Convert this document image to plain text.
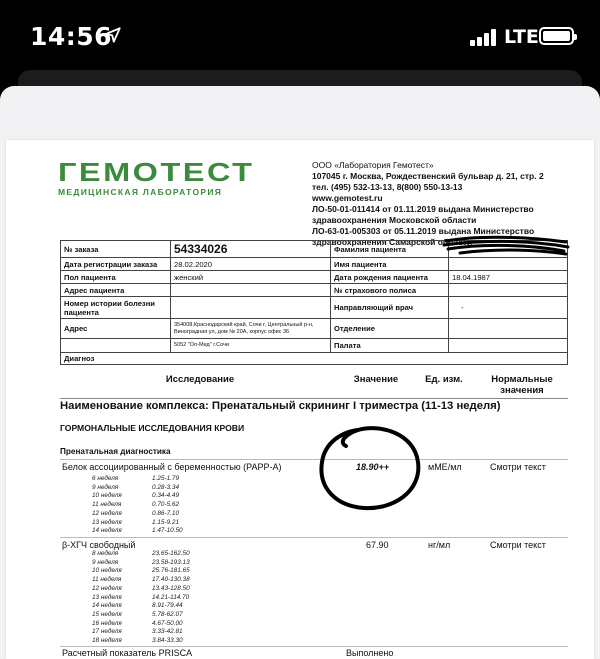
14:56	LTE
ГЕМОТЕСТ
МЕДИЦИНСКАЯ ЛАБОРАТОРИЯ
ООО «Лаборатория Гемотест»
107045 г. Москва, Рождественский бульвар д. 21, стр. 2
тел. (495) 532-13-13, 8(800) 550-13-13
www.gemotest.ru
ЛО-50-01-011414 от 01.11.2019 выдана Министерство
здравоохранения Московской области
ЛО-63-01-005303 от 05.11.2019 выдана Министерство
здравоохранения Самарской области
№ заказа	54334026	Фамилия пациента	
Дата регистрации заказа	28.02.2020	Имя пациента	
Пол пациента	женский	Дата рождения пациента	18.04.1987
Адрес пациента		№ страхового полиса	
Номер истории болезни пациента		Направляющий врач	-
Адрес	354008,Краснодарский край, Сочи г, Центральный р-н, Виноградная ул, дом № 20А, корпус офис 36	Отделение	
	5052 "Ол-Мед" г.Сочи	Палата	
Диагноз			
Исследование	Значение	Ед. изм.	Нормальные значения
Наименование комплекса: Пренатальный скрининг I триместра (11-13 неделя)
ГОРМОНАЛЬНЫЕ ИССЛЕДОВАНИЯ КРОВИ
Пренатальная диагностика
Белок ассоциированный с беременностью (PAPP-A)	18.90++	мМЕ/мл	Смотри текст
6 неделя	1.25-1.79
9 неделя	0.28-3.34
10 неделя	0.34-4.49
11 неделя	0.70-5.62
12 неделя	0.86-7.10
13 неделя	1.15-9.21
14 неделя	1.47-10.50
β-ХГЧ свободный	67.90	нг/мл	Смотри текст
8 неделя	23.65-162.50
9 неделя	23.58-193.13
10 неделя	25.76-181.65
11 неделя	17.40-130.38
12 неделя	13.43-128.50
13 неделя	14.21-114.70
14 неделя	8.91-79.44
15 неделя	5.78-62.07
16 неделя	4.67-50.00
17 неделя	3.33-42.81
18 неделя	3.84-33.30
Расчетный показатель PRISCA	Выполнено
